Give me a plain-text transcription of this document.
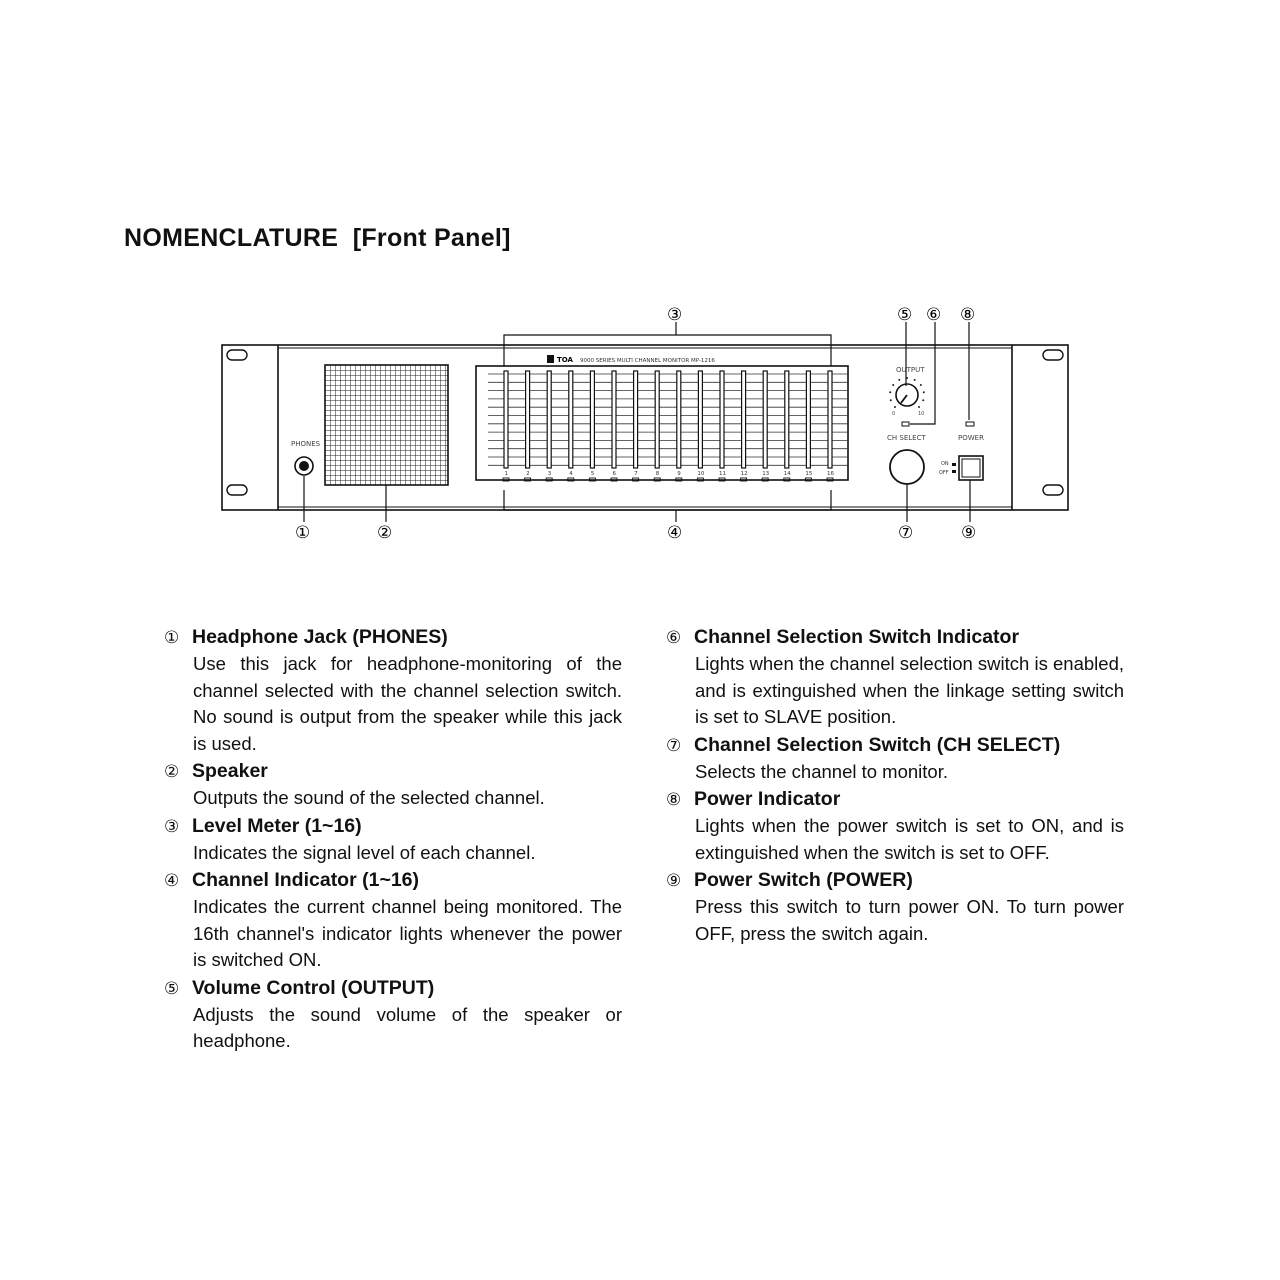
NOMENCLATURE  [Front Panel]
PHONES
TOA 9000 SERIES MULTI CHANNEL MONITOR MP-1216
1	2	3	4	5	6	7	8	9	10	11	12	13	14	15	16
OUTPUT
0	10
CH SELECT	POWER
ON
OFF
③	⑤ ⑥ ⑧
①	②	④	⑦	⑨
① Headphone Jack (PHONES)
Use this jack for headphone-monitoring of the channel selected with the channel selection switch. No sound is output from the speaker while this jack is used.
② Speaker
Outputs the sound of the selected channel.
③ Level Meter (1~16)
Indicates the signal level of each channel.
④ Channel Indicator (1~16)
Indicates the current channel being monitored. The 16th channel's indicator lights whenever the power is switched ON.
⑤ Volume Control (OUTPUT)
Adjusts the sound volume of the speaker or headphone.
⑥ Channel Selection Switch Indicator
Lights when the channel selection switch is enabled, and is extinguished when the linkage setting switch is set to SLAVE position.
⑦ Channel Selection Switch (CH SELECT)
Selects the channel to monitor.
⑧ Power Indicator
Lights when the power switch is set to ON, and is extinguished when the switch is set to OFF.
⑨ Power Switch (POWER)
Press this switch to turn power ON. To turn power OFF, press the switch again.
